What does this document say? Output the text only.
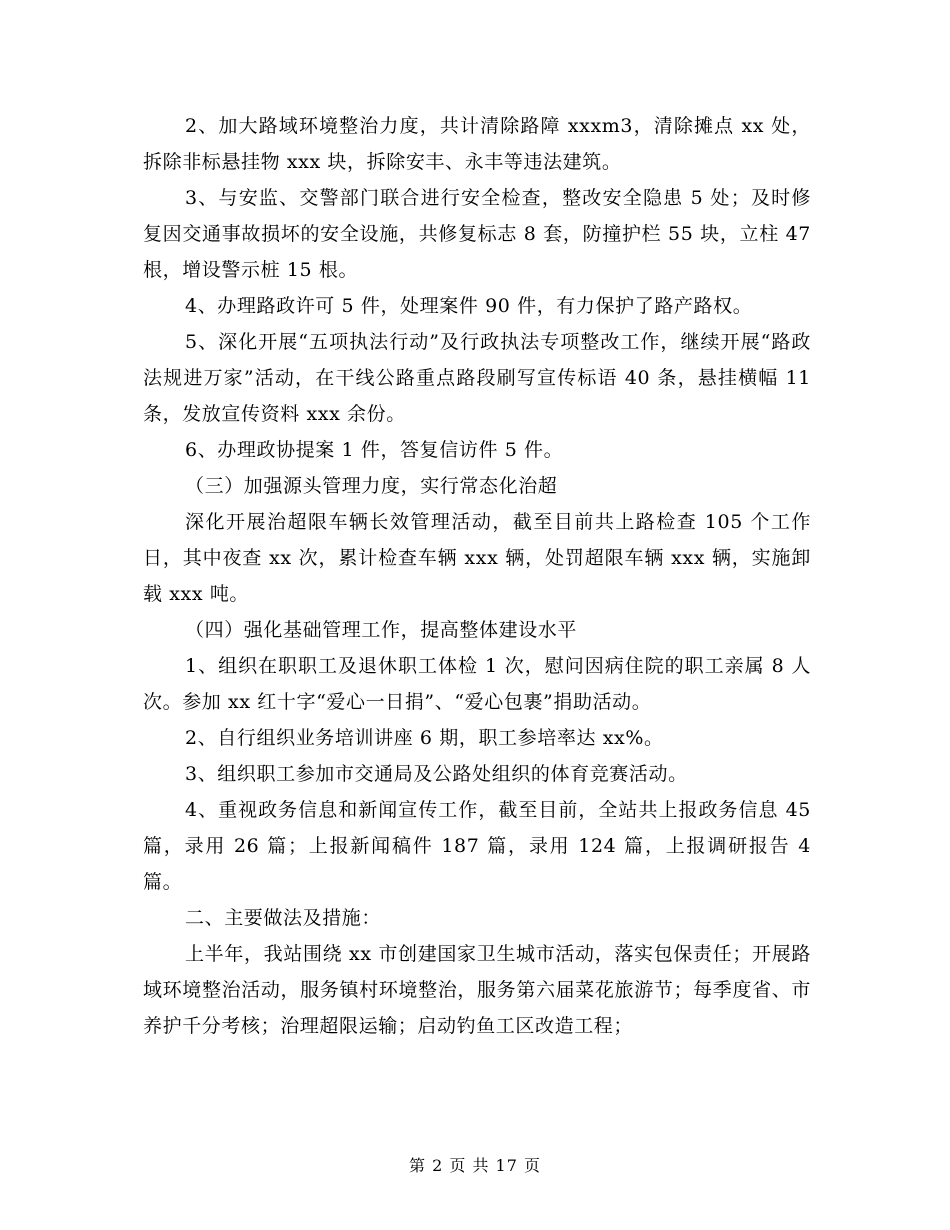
2、加大路域环境整治力度，共计清除路障 xxxm3，清除摊点 xx 处，拆除非标悬挂物 xxx 块，拆除安丰、永丰等违法建筑。

3、与安监、交警部门联合进行安全检查，整改安全隐患 5 处；及时修复因交通事故损坏的安全设施，共修复标志 8 套，防撞护栏 55 块，立柱 47 根，增设警示桩 15 根。

4、办理路政许可 5 件，处理案件 90 件，有力保护了路产路权。

5、深化开展“五项执法行动”及行政执法专项整改工作，继续开展“路政法规进万家”活动，在干线公路重点路段刷写宣传标语 40 条，悬挂横幅 11 条，发放宣传资料 xxx 余份。

6、办理政协提案 1 件，答复信访件 5 件。

（三）加强源头管理力度，实行常态化治超

深化开展治超限车辆长效管理活动，截至目前共上路检查 105 个工作日，其中夜查 xx 次，累计检查车辆 xxx 辆，处罚超限车辆 xxx 辆，实施卸载 xxx 吨。

（四）强化基础管理工作，提高整体建设水平

1、组织在职职工及退休职工体检 1 次，慰问因病住院的职工亲属 8 人次。参加 xx 红十字“爱心一日捐”、“爱心包裹”捐助活动。

2、自行组织业务培训讲座 6 期，职工参培率达 xx%。

3、组织职工参加市交通局及公路处组织的体育竞赛活动。

4、重视政务信息和新闻宣传工作，截至目前，全站共上报政务信息 45 篇，录用 26 篇；上报新闻稿件 187 篇，录用 124 篇，上报调研报告 4 篇。

二、主要做法及措施：

上半年，我站围绕 xx 市创建国家卫生城市活动，落实包保责任；开展路域环境整治活动，服务镇村环境整治，服务第六届菜花旅游节；每季度省、市养护千分考核；治理超限运输；启动钓鱼工区改造工程；

第 2 页 共 17 页
